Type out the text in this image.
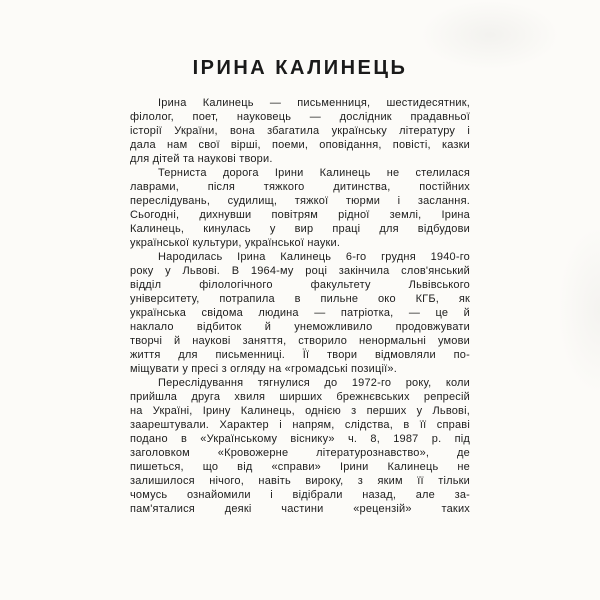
ІРИНА КАЛИНЕЦЬ
Ірина Калинець — письменниця, шестидесятник,
філолог, поет, науковець — дослідник прадавньої
історії України, вона збагатила українську літературу і
дала нам свої вірші, поеми, оповідання, повісті, казки
для дітей та наукові твори.
Терниста дорога Ірини Калинець не стелилася
лаврами, після тяжкого дитинства, постійних
переслідувань, судилищ, тяжкої тюрми і заслання.
Сьогодні, дихнувши повітрям рідної землі, Ірина
Калинець, кинулась у вир праці для відбудови
української культури, української науки.
Народилась Ірина Калинець 6-го грудня 1940-го
року у Львові. В 1964-му році закінчила слов'янський
відділ філологічного факультету Львівського
університету, потрапила в пильне око КГБ, як
українська свідома людина — патріотка, — це й
наклало відбиток й унеможливило продовжувати
творчі й наукові заняття, створило ненормальні умови
життя для письменниці. Її твори відмовляли по-
міщувати у пресі з огляду на «громадські позиції».
Переслідування тягнулися до 1972-го року, коли
прийшла друга хвиля ширших брежнєвських репресій
на Україні, Ірину Калинець, однією з перших у Львові,
заарештували. Характер і напрям, слідства, в її справі
подано в «Українському віснику» ч. 8, 1987 р. під
заголовком «Кровожерне літературознавство», де
пишеться, що від «справи» Ірини Калинець не
залишилося нічого, навіть вироку, з яким її тільки
чомусь ознайомили і відібрали назад, але за-
пам'яталися деякі частини «рецензій» таких
